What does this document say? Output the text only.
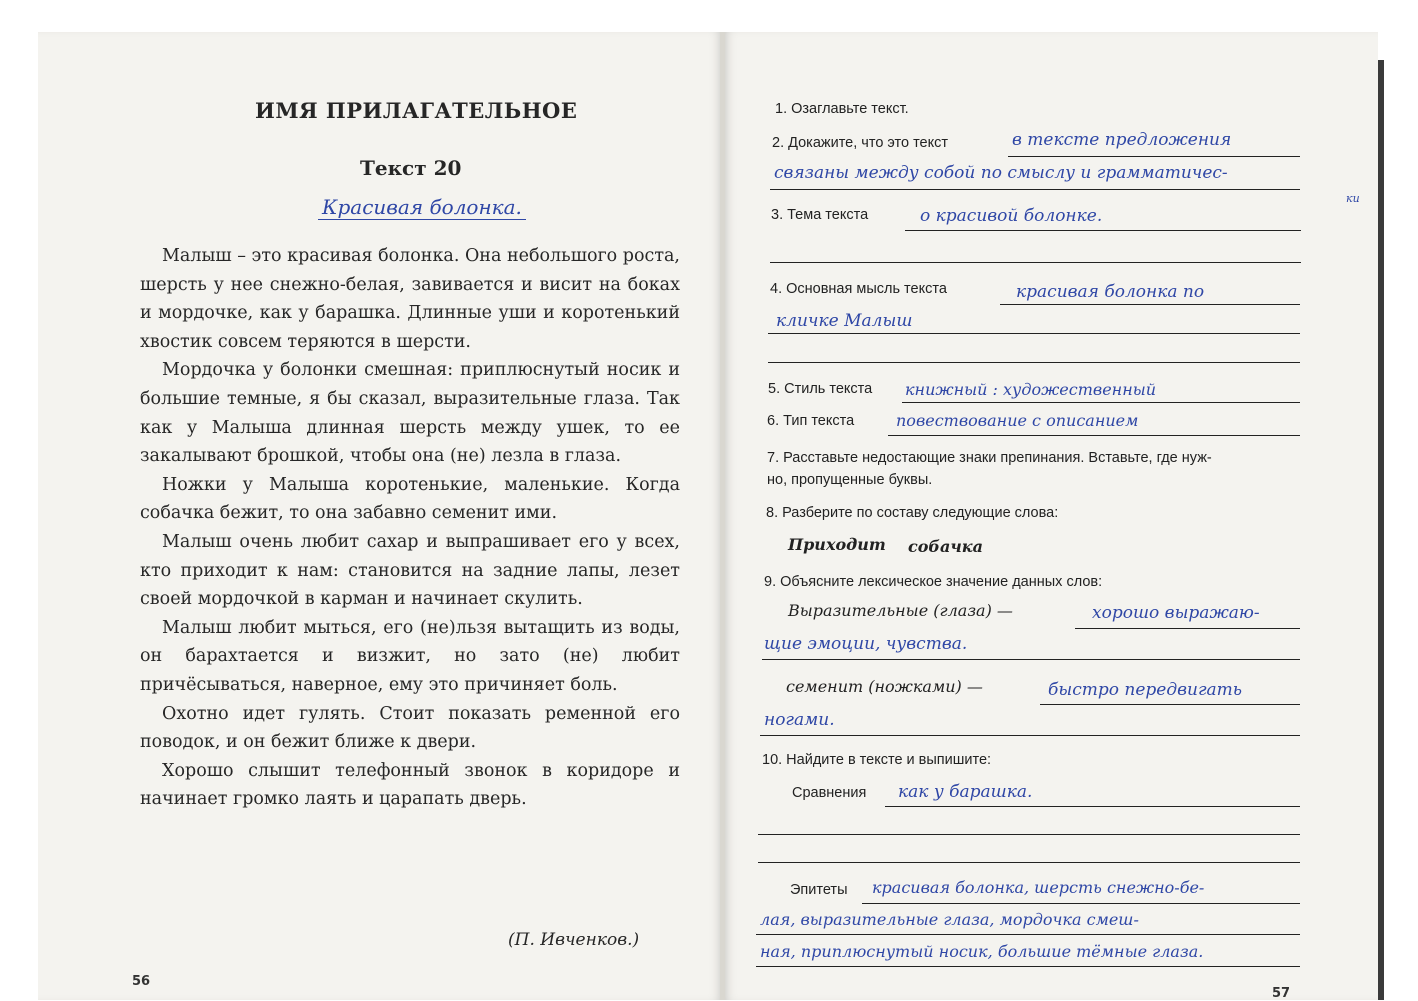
ИМЯ ПРИЛАГАТЕЛЬНОЕ
Текст 20
Красивая болонка.

Малыш – это красивая болонка. Она небольшого роста, шерсть у нее снежно-белая, завивается и висит на боках и мордочке, как у барашка. Длинные уши и коротенький хвостик совсем теряются в шерсти.

Мордочка у болонки смешная: приплюснутый носик и большие темные, я бы сказал, выразительные глаза. Так как у Малыша длинная шерсть между ушек, то ее закалывают брошкой, чтобы она (не) лезла в глаза.

Ножки у Малыша коротенькие, маленькие. Когда собачка бежит, то она забавно семенит ими.

Малыш очень любит сахар и выпрашивает его у всех, кто приходит к нам: становится на задние лапы, лезет своей мордочкой в карман и начинает скулить.

Малыш любит мыться, его (не)льзя вытащить из воды, он барахтается и визжит, но зато (не) любит причёсываться, наверное, ему это причиняет боль.

Охотно идет гулять. Стоит показать ременной его поводок, и он бежит ближе к двери.

Хорошо слышит телефонный звонок в коридоре и начинает громко лаять и царапать дверь.

(П. Ивченков.)
56
1. Озаглавьте текст.
2. Докажите, что это текст	в тексте предложения
связаны между собой по смыслу и грамматичес-
ки
3. Тема текста	о красивой болонке.
4. Основная мысль текста	красивая болонка по
кличке Малыш
5. Стиль текста книжный : художественный
6. Тип текста	повествование с описанием
7. Расставьте недостающие знаки препинания. Вставьте, где нуж-
но, пропущенные буквы.
8. Разберите по составу следующие слова:
Приходит собачка
9. Объясните лексическое значение данных слов:
Выразительные (глаза) —	хорошо выражаю-
щие эмоции, чувства.
семенит (ножками) —	быстро передвигать
ногами.
10. Найдите в тексте и выпишите:
Сравнения как у барашка.
Эпитеты красивая болонка, шерсть снежно-бе-
лая, выразительные глаза, мордочка смеш-
ная, приплюснутый носик, большие тёмные глаза.
57
